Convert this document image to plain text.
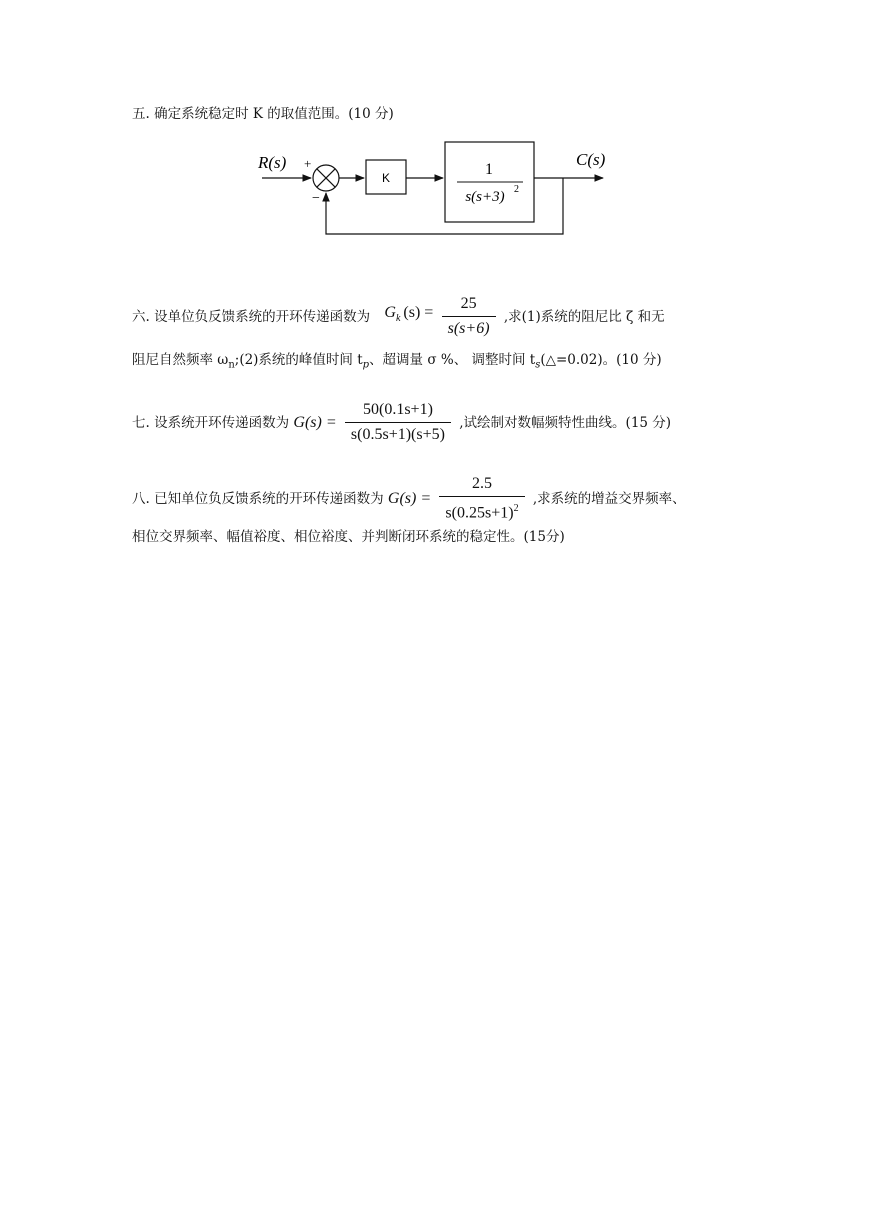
五. 确定系统稳定时 K 的取值范围。(10 分)
R(s) +
−
K	1
s(s+3) 2
C(s)
六. 设单位负反馈系统的开环传递函数为 $G_k$ $(s) = \frac{25}{s(s+6)}$ ,求(1)系统的阻尼比 ζ 和无
阻尼自然频率 $\omega_n;(2)$系统的峰值时间 $t_p$、超调量 σ %、 调整时间 $t_s(\triangle=0.02)$。(10 分)
七. 设系统开环传递函数为 $G(s) = \frac{50(0.1s+1)}{s(0.5s+1)(s+5)}$ ,试绘制对数幅频特性曲线。(15 分)
八. 已知单位负反馈系统的开环传递函数为 $G(s) = \frac{2.5}{s(0.25s+1)^2}$ ,求系统的增益交界频率、
相位交界频率、幅值裕度、相位裕度、并判断闭环系统的稳定性。(15分)
